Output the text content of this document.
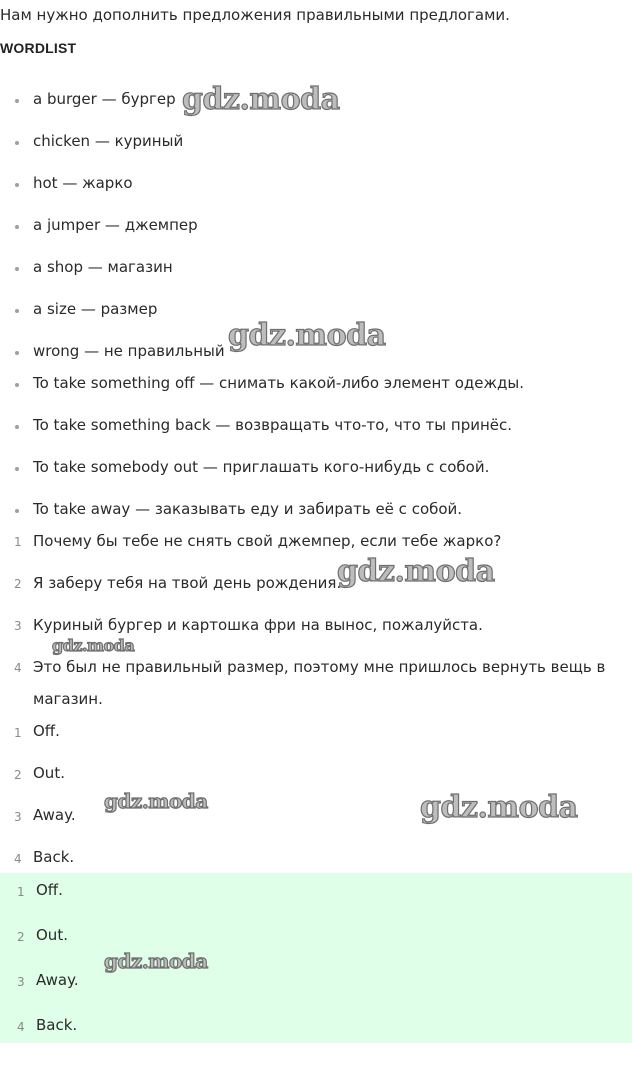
Нам нужно дополнить предложения правильными предлогами.
WORDLIST
a burger — бургер
chicken — куриный
hot — жарко
a jumper — джемпер
a shop — магазин
a size — размер
wrong — не правильный
To take something off — снимать какой-либо элемент одежды.
To take something back — возвращать что-то, что ты принёс.
To take somebody out — приглашать кого-нибудь с собой.
To take away — заказывать еду и забирать её с собой.
1 Почему бы тебе не снять свой джемпер, если тебе жарко?
2 Я заберу тебя на твой день рождения.
3 Куриный бургер и картошка фри на вынос, пожалуйста.
4 Это был не правильный размер, поэтому мне пришлось вернуть вещь в
магазин.
1 Off.
2 Out.
3 Away.
4 Back.
1 Off.
2 Out.
3 Away.
4 Back.
gdz.moda
gdz.moda
gdz.moda
gdz.moda
gdz.moda	gdz.moda
gdz.moda
